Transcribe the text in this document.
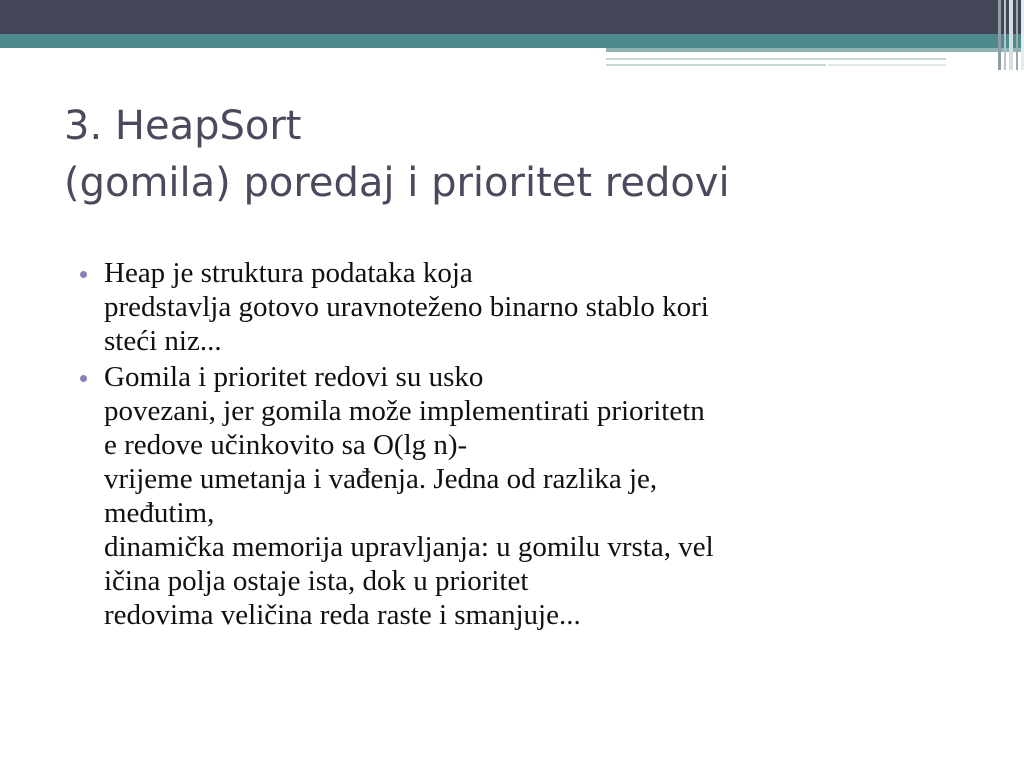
3. HeapSort
(gomila) poredaj i prioritet redovi
Heap je struktura podataka koja
predstavlja gotovo uravnoteženo binarno stablo kori
steći niz...
Gomila i prioritet redovi su usko
povezani, jer gomila može implementirati prioritetn
e redove učinkovito sa O(lg n)-
vrijeme umetanja i vađenja. Jedna od razlika je,
međutim,
dinamička memorija upravljanja: u gomilu vrsta, vel
ičina polja ostaje ista, dok u prioritet
redovima veličina reda raste i smanjuje...
